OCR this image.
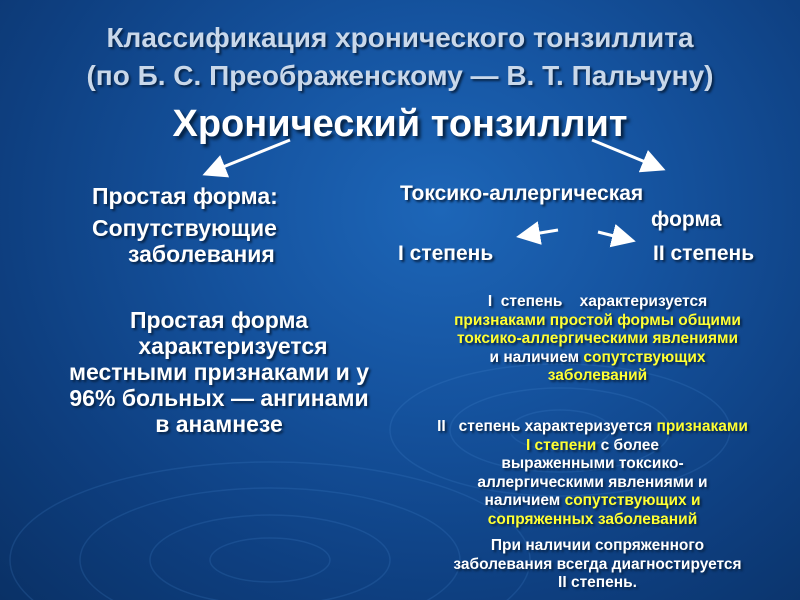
Классификация хронического тонзиллита
(по Б. С. Преображенскому — В. Т. Пальчуну)
Хронический тонзиллит
Простая форма:
Сопутствующие
заболевания
Токсико-аллергическая
форма
I степень	II степень
Простая форма
характеризуется
местными признаками и у
96% больных — ангинами
в анамнезе
I  степень    характеризуется
признаками простой формы общими
токсико-аллергическими явлениями
и наличием сопутствующих
заболеваний
II   степень характеризуется признаками
I степени с более
выраженными токсико-
аллергическими явлениями и
наличием сопутствующих и
сопряженных заболеваний
При наличии сопряженного
заболевания всегда диагностируется
II степень.
